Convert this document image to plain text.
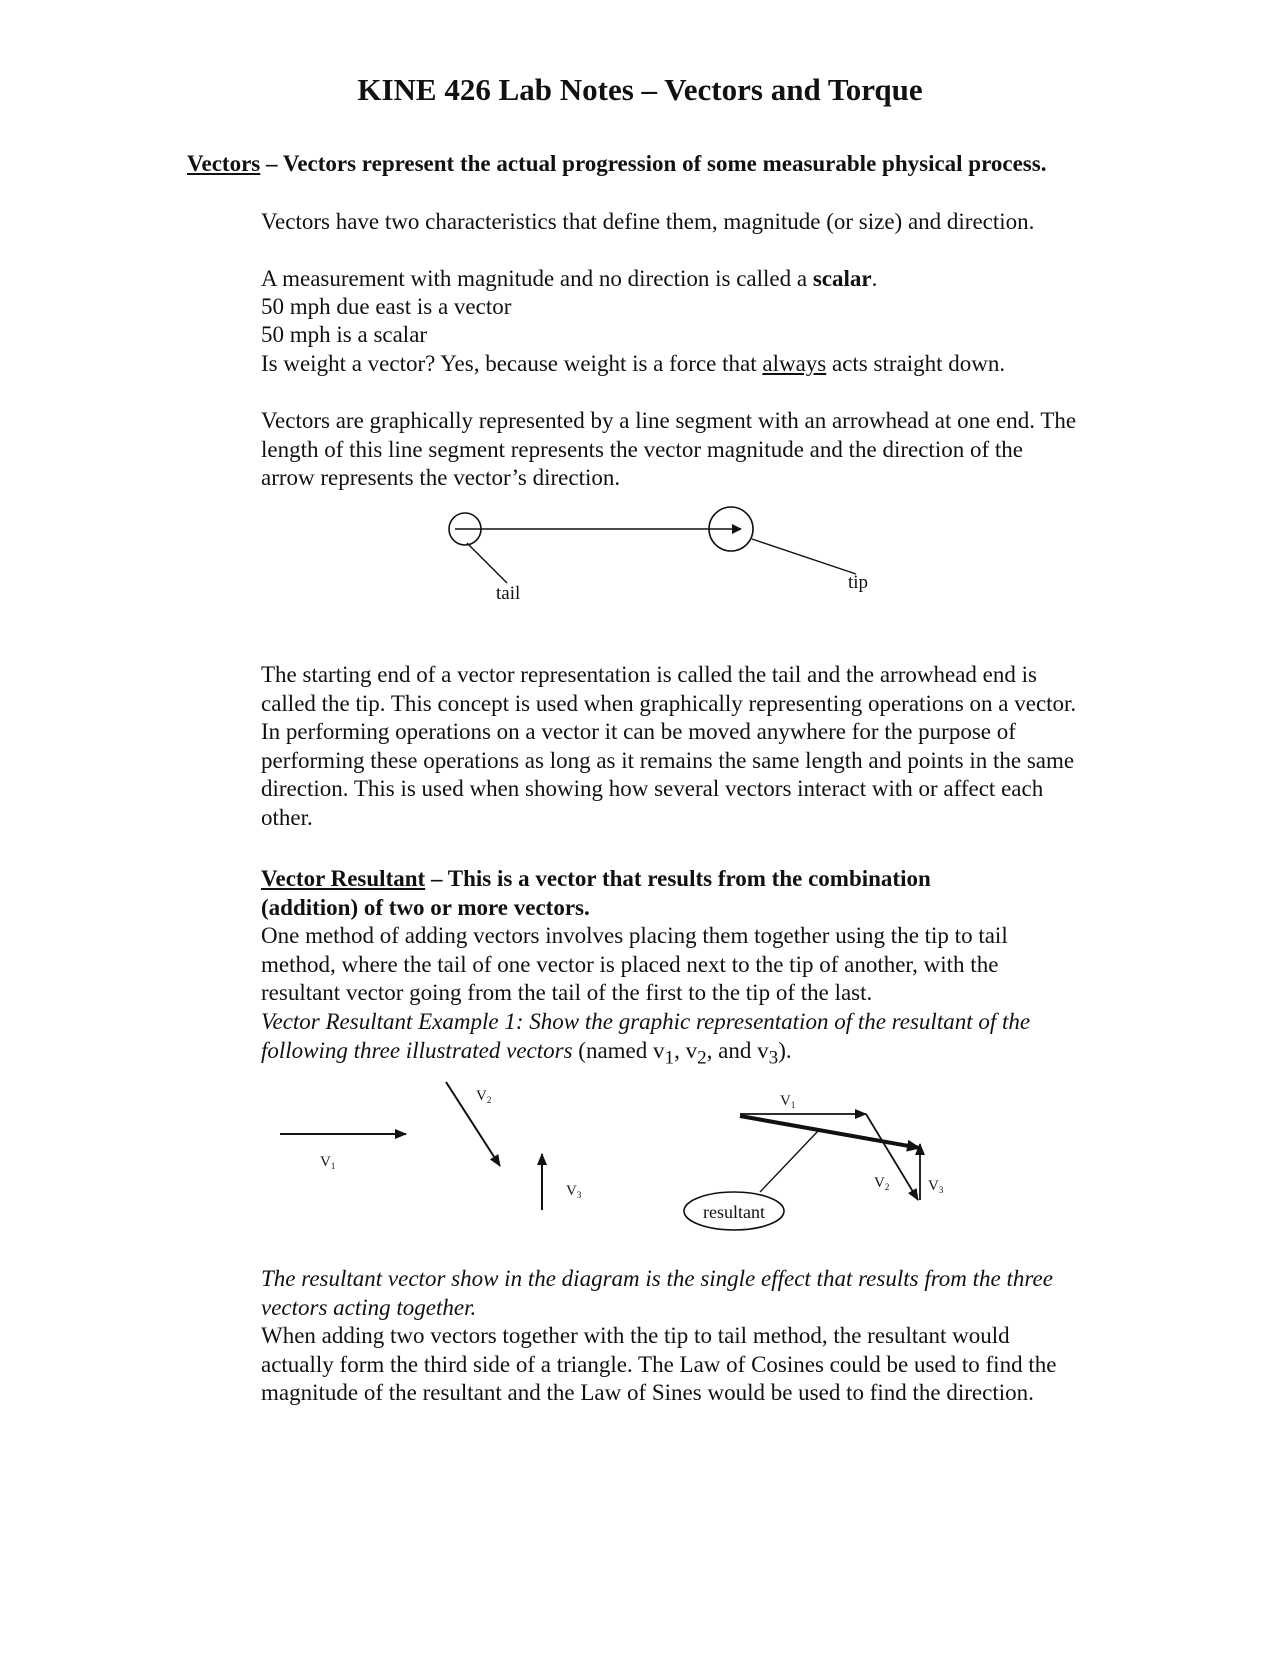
KINE 426 Lab Notes – Vectors and Torque

Vectors – Vectors represent the actual progression of some measurable physical process.

Vectors have two characteristics that define them, magnitude (or size) and direction.

A measurement with magnitude and no direction is called a scalar.

50 mph due east is a vector

50 mph is a scalar

Is weight a vector? Yes, because weight is a force that always acts straight down.

Vectors are graphically represented by a line segment with an arrowhead at one end. The length of this line segment represents the vector magnitude and the direction of the arrow represents the vector’s direction.

tail
tip

The starting end of a vector representation is called the tail and the arrowhead end is called the tip. This concept is used when graphically representing operations on a vector. In performing operations on a vector it can be moved anywhere for the purpose of performing these operations as long as it remains the same length and points in the same direction. This is used when showing how several vectors interact with or affect each other.

Vector Resultant – This is a vector that results from the combination (addition) of two or more vectors.

One method of adding vectors involves placing them together using the tip to tail method, where the tail of one vector is placed next to the tip of another, with the resultant vector going from the tail of the first to the tip of the last.

Vector Resultant Example 1: Show the graphic representation of the resultant of the following three illustrated vectors (named $v_1$, $v_2$, and $v_3$).

$V_1$
$V_2$
$V_3$
$V_1$
$V_2$	$V_3$
resultant

The resultant vector show in the diagram is the single effect that results from the three vectors acting together.

When adding two vectors together with the tip to tail method, the resultant would actually form the third side of a triangle. The Law of Cosines could be used to find the magnitude of the resultant and the Law of Sines would be used to find the direction.
